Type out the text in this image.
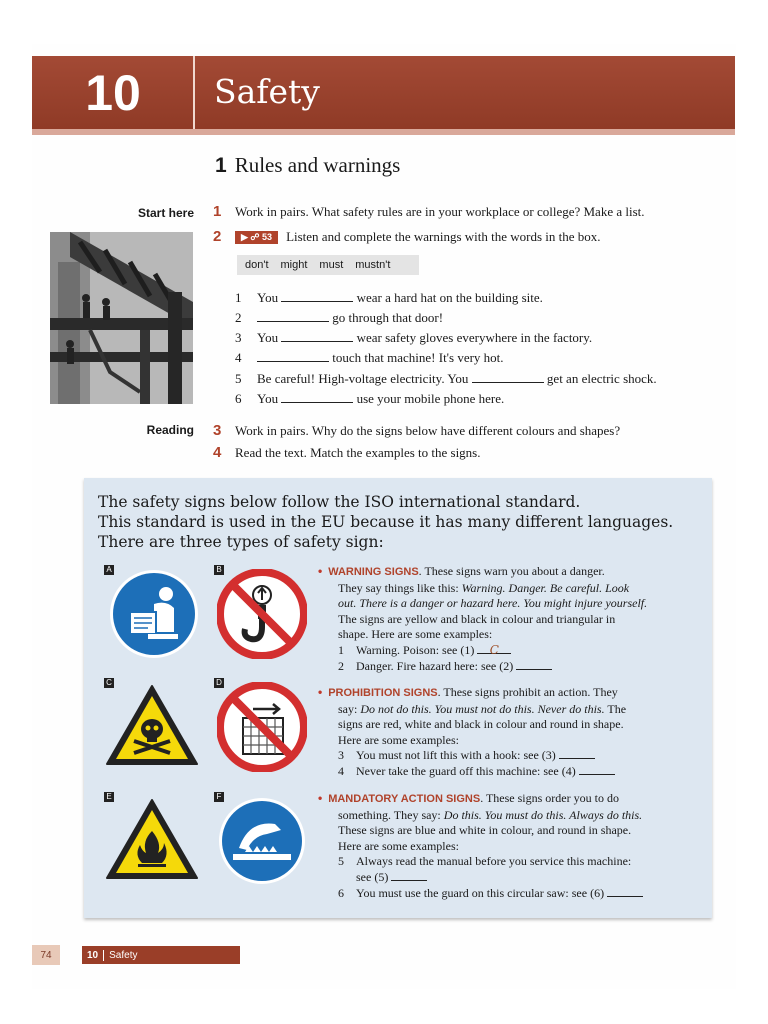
10	Safety
1 Rules and warnings
Start here
Reading
1 Work in pairs. What safety rules are in your workplace or college? Make a list.
2 ▶ ☍ 53 Listen and complete the warnings with the words in the box.
don't might must mustn't
1 You	wear a hard hat on the building site.
2	go through that door!
3 You	wear safety gloves everywhere in the factory.
4	touch that machine! It's very hot.
5 Be careful! High-voltage electricity. You	get an electric shock.
6 You	use your mobile phone here.
3 Work in pairs. Why do the signs below have different colours and shapes?
4 Read the text. Match the examples to the signs.
The safety signs below follow the ISO international standard.
This standard is used in the EU because it has many different languages.
There are three types of safety sign:
A	B
C	D
E	F
• WARNING SIGNS. These signs warn you about a danger.
They say things like this: Warning. Danger. Be careful. Look
out. There is a danger or hazard here. You might injure yourself.
The signs are yellow and black in colour and triangular in
shape. Here are some examples:
1 Warning. Poison: see (1) C
2 Danger. Fire hazard here: see (2)
• PROHIBITION SIGNS. These signs prohibit an action. They
say: Do not do this. You must not do this. Never do this. The
signs are red, white and black in colour and round in shape.
Here are some examples:
3 You must not lift this with a hook: see (3)
4 Never take the guard off this machine: see (4)
• MANDATORY ACTION SIGNS. These signs order you to do
something. They say: Do this. You must do this. Always do this.
These signs are blue and white in colour, and round in shape.
Here are some examples:
5 Always read the manual before you service this machine:
see (5)
6 You must use the guard on this circular saw: see (6)
74	10	Safety
